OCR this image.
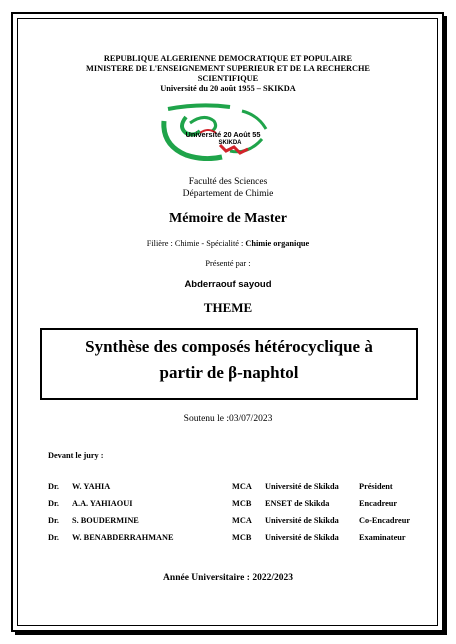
REPUBLIQUE ALGERIENNE DEMOCRATIQUE ET POPULAIRE
MINISTERE DE L'ENSEIGNEMENT SUPERIEUR ET DE LA RECHERCHE
SCIENTIFIQUE
Université du 20 août 1955 – SKIKDA
Université 20 Août 55
SKIKDA
Faculté des Sciences
Département de Chimie
Mémoire de Master
Filière : Chimie - Spécialité : Chimie organique
Présenté par :
Abderraouf sayoud
THEME
Synthèse des composés hétérocyclique à
partir de β-naphtol
Soutenu le :03/07/2023
Devant le jury :
Dr. W. YAHIA	MCA Université de Skikda Président
Dr. A.A. YAHIAOUI	MCB ENSET de Skikda	Encadreur
Dr. S. BOUDERMINE	MCA Université de Skikda Co-Encadreur
Dr. W. BENABDERRAHMANE	MCB Université de Skikda Examinateur
Année Universitaire : 2022/2023
